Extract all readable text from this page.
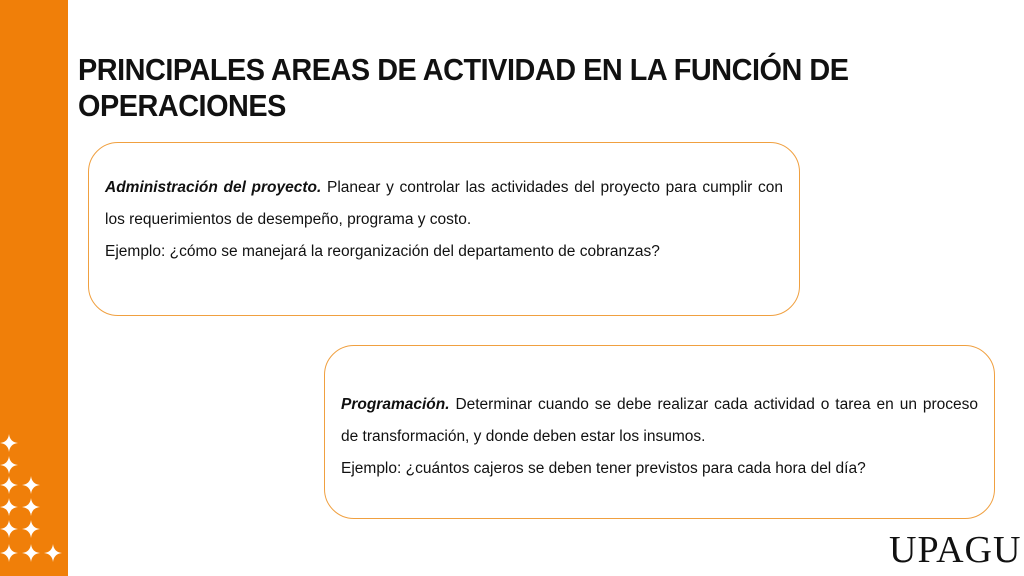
PRINCIPALES AREAS DE ACTIVIDAD EN LA FUNCIÓN DE OPERACIONES

Administración del proyecto. Planear y controlar las actividades del proyecto para cumplir con los requerimientos de desempeño, programa y costo.

Ejemplo: ¿cómo se manejará la reorganización del departamento de cobranzas?

Programación. Determinar cuando se debe realizar cada actividad o tarea en un proceso de transformación, y donde deben estar los insumos.

Ejemplo: ¿cuántos cajeros se deben tener previstos para cada hora del día?

UPAGU
